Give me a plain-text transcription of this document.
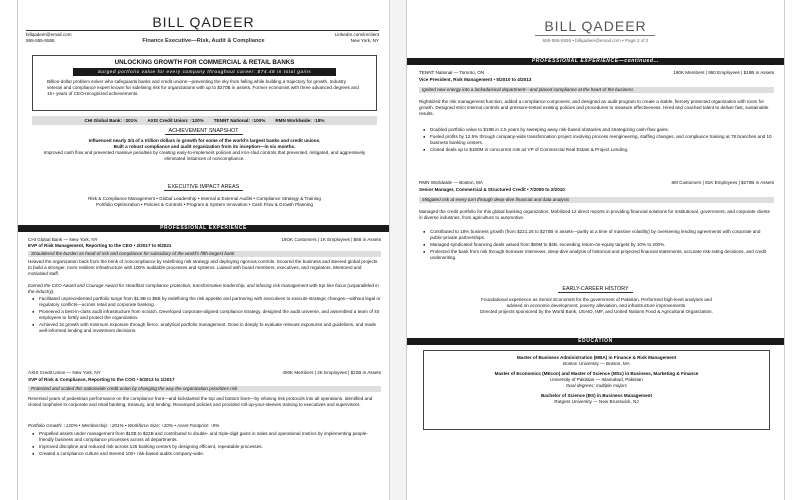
BILL QADEER
billqadeer@email.com
555-555-5555
LinkedIn.com/in/client
New York, NY
Finance Executive—Risk, Audit & Compliance
UNLOCKING GROWTH FOR COMMERCIAL & RETAIL BANKS
Surged portfolio value for every company throughout career: $74.48 in total gains
Billion-dollar problem solver who safeguards banks and credit unions—preventing the sky from falling while building a trajectory for growth. Industry veteran and compliance expert known for sidelining risk for organizations with up to $270B in assets. Former economist with three advanced degrees and 15+ years of CEO-recognized achievements.
CHI Global Bank: ↑201% AXIS Credit Union: ↑120% TENNT National: ↑100% RMN Worldwide: ↑18%
ACHIEVEMENT SNAPSHOT
Influenced nearly 3/4 of a trillion dollars in growth for some of the world's largest banks and credit unions.
Built a robust compliance and audit organization from its inception—in six months.
Improved cash flow and prevented massive penalties by creating easy-to-implement policies and iron-clad controls that prevented, mitigated, and aggressively eliminated instances of noncompliance.
EXECUTIVE IMPACT AREAS
Risk & Compliance Management • Global Leadership • Internal & External Audits • Compliance Strategy & Training
Portfolio Optimization • Policies & Controls • Program & System Innovation • Cash Flow & Growth Planning
PROFESSIONAL EXPERIENCE
CHI Global Bank — New York, NY	19OK Customers | 1K Employees | $68 in Assets
EVP of Risk Management, Reporting to the CEO • 2/2017 to 9/2021
Shouldered the burden as head of risk and compliance for subsidiary of the world's fifth-largest bank
Heaved the organization back from the brink of noncompliance by redefining risk strategy and deploying rigorous controls. Scoured the business and steered global projects to build a stronger, more resilient infrastructure with 100% auditable processes and systems. Liaised with board members, executives, and regulators. Mentored and motivated staff.
Earned the CEO Award and Courage Award for steadfast compliance protection, transformative leadership, and infusing risk management with top-line focus (unparalleled in the industry).
● Facilitated unprecedented portfolio surge from $1.9B to $6B by redefining the risk appetite and partnering with executives to execute strategic changes—without legal or regulatory conflicts—across retail and corporate banking.
● Pioneered a best-in-class audit infrastructure from scratch. Developed corporate-aligned compliance strategy, designed the audit universe, and assembled a team of 40 employees to fortify and protect the organization.
● Achieved 3x growth with minimum exposure through fierce, analytical portfolio management. Dove in deeply to evaluate relevant exposures and guidelines, and made well-informed lending and investment decisions.
AXIS Credit Union — New York, NY	400K Members | 2K Employees | $22B in Assets
SVP of Risk & Compliance, Reporting to the COO • 5/2013 to 1/2017
Protected and scaled this nationwide credit union by changing the way the organization prioritizes risk
Reversed years of pedestrian performance on the compliance front—and kickstarted the top and bottom lines—by infusing risk protocols into all operations. Identified and closed loopholes in corporate and retail banking, treasury, and lending. Revamped policies and provided roll-up-your-sleeves training to executives and supervisors.
Portfolio Growth: ↑120% • Membership: ↑201% • Workforce Size: ↑20% • Asset Footprint: ↑8%
● Propelled assets under management from $10B to $22B and contributed to double- and triple-digit gains in sales and operational metrics by implementing people-friendly business and compliance processes across all departments.
● Improved discipline and reduced risk across 125 banking centers by designing efficient, repeatable processes.
● Created a compliance culture and steered 100+ risk-based audits company-wide.
BILL QADEER
555-555-5555 • billqadeer@email.com • Page 2 of 2
PROFESSIONAL EXPERIENCE—continued…
TENNT National — Toronto, ON	190K Members | 950 Employees | $19B in Assets
Vice President, Risk Management • 5/2010 to 4/2013
Ignited new energy into a lackadaisical department—and placed compliance at the heart of the business
Rightsized the risk management function, added a compliance component, and designed an audit program to create a stable, fiercely protected organization with room for growth. Designed strict internal controls and pressure-tested existing policies and procedures to measure effectiveness. Hired and coached talent to deliver fast, sustainable results.
● Doubled portfolio value to $19B in 2.5 years by sweeping away risk-based obstacles and strategizing cash-flow gains.
● Fueled profits by 12.5% through company-wide transformation project involving process reengineering, staffing changes, and compliance training at 78 branches and 10 business banking centers.
● Closed deals up to $180M in concurrent role as VP of Commercial Real Estate & Project Lending.
RMN Worldwide — Boston, MA	8M Customers | 91K Employees | $270B in Assets
Senior Manager, Commercial & Structured Credit • 7/2005 to 2/2010
Mitigated risk at every turn through deep-dive financial and data analysis
Managed the credit portfolio for this global banking organization. Mobilized 12 direct reports in providing financial solutions for institutional, government, and corporate clients in diverse industries, from agriculture to automotive.
● Contributed to 18% business growth (from $221.26 to $270B in assets—partly at a time of massive volatility) by overseeing lending agreements with corporate and public-private partnerships.
● Managed syndicated financing deals valued from $50M to $4B, exceeding return-on-equity targets by 10% to 200%.
● Protected the bank from risk through borrower interviews, deep-dive analysis of historical and projected financial statements, accurate risk-rating decisions, and credit underwriting.
EARLY-CAREER HISTORY
Foundational experience as Senior Economist for the government of Pakistan. Performed high-level analyses and
advised on economic development, poverty alleviation, and infrastructure improvements.
Directed projects sponsored by the World Bank, USAID, IMF, and United Nations Food & Agricultural Organization.
EDUCATION
Master of Business Administration (MBA) in Finance & Risk Management
Boston University — Boston, MA
Master of Economics (MEcon) and Master of Science (MSc) in Business, Marketing & Finance
University of Pakistan — Islamabad, Pakistan
Dual degrees; multiple majors
Bachelor of Science (BS) in Business Management
Rutgers University — New Brunswick, NJ
